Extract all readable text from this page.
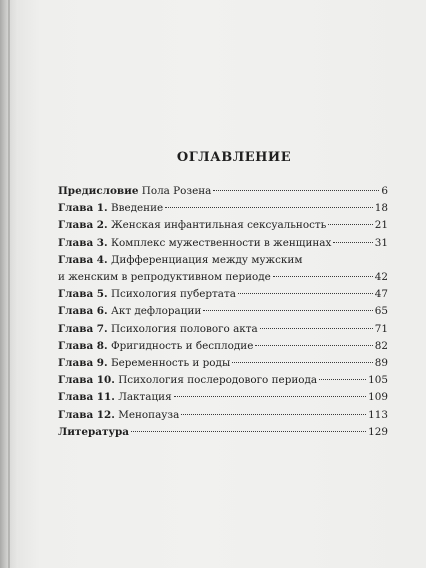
ОГЛАВЛЕНИЕ
Предисловие Пола Розена	6
Глава 1. Введение	18
Глава 2. Женская инфантильная сексуальность	21
Глава 3. Комплекс мужественности в женщинах	31
Глава 4. Дифференциация между мужским
и женским в репродуктивном периоде	42
Глава 5. Психология пубертата	47
Глава 6. Акт дефлорации	65
Глава 7. Психология полового акта	71
Глава 8. Фригидность и бесплодие	82
Глава 9. Беременность и роды	89
Глава 10. Психология послеродового периода	105
Глава 11. Лактация	109
Глава 12. Менопауза	113
Литература	129
